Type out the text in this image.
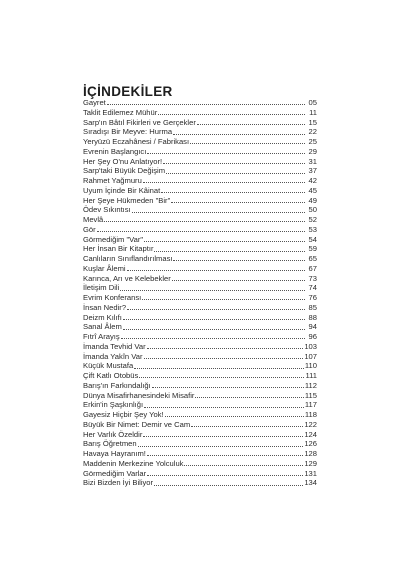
İÇİNDEKİLER
Gayret	05
Taklit Edilemez Mühür	11
Sarp'ın Bâtıl Fikirleri ve Gerçekler	15
Sıradışı Bir Meyve: Hurma	22
Yeryüzü Eczahânesi / Fabrikası	25
Evrenin Başlangıcı	29
Her Şey O'nu Anlatıyor!	31
Sarp'taki Büyük Değişim	37
Rahmet Yağmuru	42
Uyum İçinde Bir Kâinat	45
Her Şeye Hükmeden "Bir"	49
Ödev Sıkıntısı	50
Mevlâ	52
Gör	53
Görmediğim "Var"	54
Her İnsan Bir Kitaptır	59
Canlıların Sınıflandırılması	65
Kuşlar Âlemi	67
Karınca, Arı ve Kelebekler	73
İletişim Dili	74
Evrim Konferansı	76
İnsan Nedir?	85
Deizm Kılıfı	88
Sanal Âlem	94
Fıtrî Arayış	96
İmanda Tevhid Var	103
İmanda Yakîn Var	107
Küçük Mustafa	110
Çift Katlı Otobüs	111
Barış'ın Farkındalığı	112
Dünya Misafirhanesindeki Misafir	115
Erkin'in Şaşkınlığı	117
Gayesiz Hiçbir Şey Yok!	118
Büyük Bir Nimet: Demir ve Cam	122
Her Varlık Özeldir	124
Barış Öğretmen	126
Havaya Hayranım!	128
Maddenin Merkezine Yolculuk	129
Görmediğim Varlar	131
Bizi Bizden İyi Biliyor	134
